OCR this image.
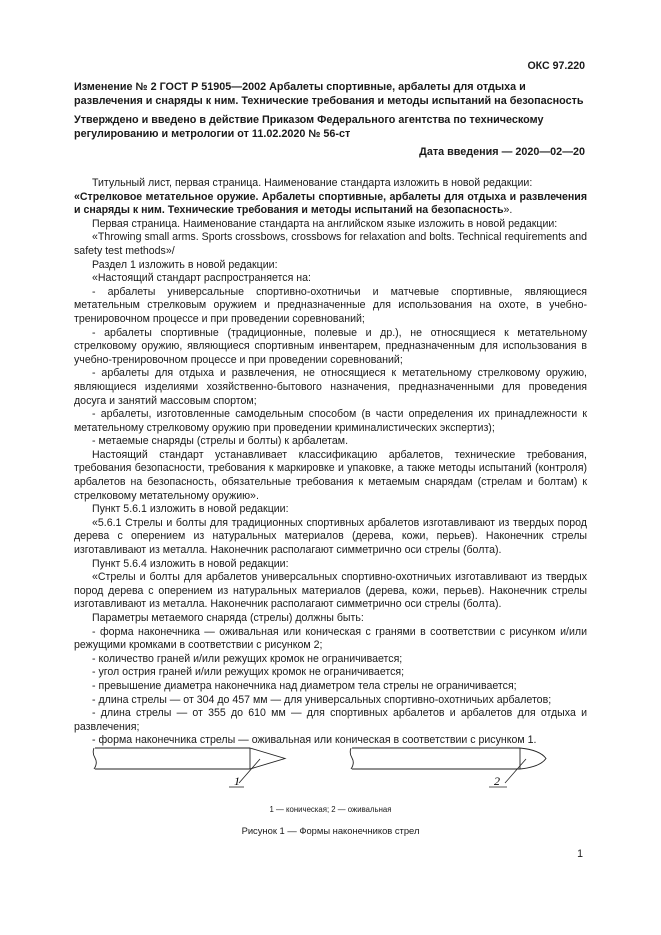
ОКС 97.220
Изменение № 2 ГОСТ Р 51905—2002 Арбалеты спортивные, арбалеты для отдыха и развлечения и снаряды к ним. Технические требования и методы испытаний на безопасность
Утверждено и введено в действие Приказом Федерального агентства по техническому регулированию и метрологии от 11.02.2020 № 56-ст
Дата введения — 2020—02—20

Титульный лист, первая страница. Наименование стандарта изложить в новой редакции:

«Стрелковое метательное оружие. Арбалеты спортивные, арбалеты для отдыха и развлечения и снаряды к ним. Технические требования и методы испытаний на безопасность».

Первая страница. Наименование стандарта на английском языке изложить в новой редакции:

«Throwing small arms. Sports crossbows, crossbows for relaxation and bolts. Technical requirements and safety test methods»/

Раздел 1 изложить в новой редакции:

«Настоящий стандарт распространяется на:

- арбалеты универсальные спортивно-охотничьи и матчевые спортивные, являющиеся метательным стрелковым оружием и предназначенные для использования на охоте, в учебно-тренировочном процессе и при проведении соревнований;

- арбалеты спортивные (традиционные, полевые и др.), не относящиеся к метательному стрелковому оружию, являющиеся спортивным инвентарем, предназначенным для использования в учебно-тренировочном процессе и при проведении соревнований;

- арбалеты для отдыха и развлечения, не относящиеся к метательному стрелковому оружию, являющиеся изделиями хозяйственно-бытового назначения, предназначенными для проведения досуга и занятий массовым спортом;

- арбалеты, изготовленные самодельным способом (в части определения их принадлежности к метательному стрелковому оружию при проведении криминалистических экспертиз);

- метаемые снаряды (стрелы и болты) к арбалетам.

Настоящий стандарт устанавливает классификацию арбалетов, технические требования, требования безопасности, требования к маркировке и упаковке, а также методы испытаний (контроля) арбалетов на безопасность, обязательные требования к метаемым снарядам (стрелам и болтам) к стрелковому метательному оружию».

Пункт 5.6.1 изложить в новой редакции:

«5.6.1 Стрелы и болты для традиционных спортивных арбалетов изготавливают из твердых пород дерева с оперением из натуральных материалов (дерева, кожи, перьев). Наконечник стрелы изготавливают из металла. Наконечник располагают симметрично оси стрелы (болта).

Пункт 5.6.4 изложить в новой редакции:

«Стрелы и болты для арбалетов универсальных спортивно-охотничьих изготавливают из твердых пород дерева с оперением из натуральных материалов (дерева, кожи, перьев). Наконечник стрелы изготавливают из металла. Наконечник располагают симметрично оси стрелы (болта).

Параметры метаемого снаряда (стрелы) должны быть:

- форма наконечника — оживальная или коническая с гранями в соответствии с рисунком и/или режущими кромками в соответствии с рисунком 2;

- количество граней и/или режущих кромок не ограничивается;

- угол острия граней и/или режущих кромок не ограничивается;

- превышение диаметра наконечника над диаметром тела стрелы не ограничивается;

- длина стрелы — от 304 до 457 мм — для универсальных спортивно-охотничьих арбалетов;

- длина стрелы — от 355 до 610 мм — для спортивных арбалетов и арбалетов для отдыха и развлечения;

- форма наконечника стрелы — оживальная или коническая в соответствии с рисунком 1.

1	2
1 — коническая; 2 — оживальная
Рисунок 1 — Формы наконечников стрел
1
